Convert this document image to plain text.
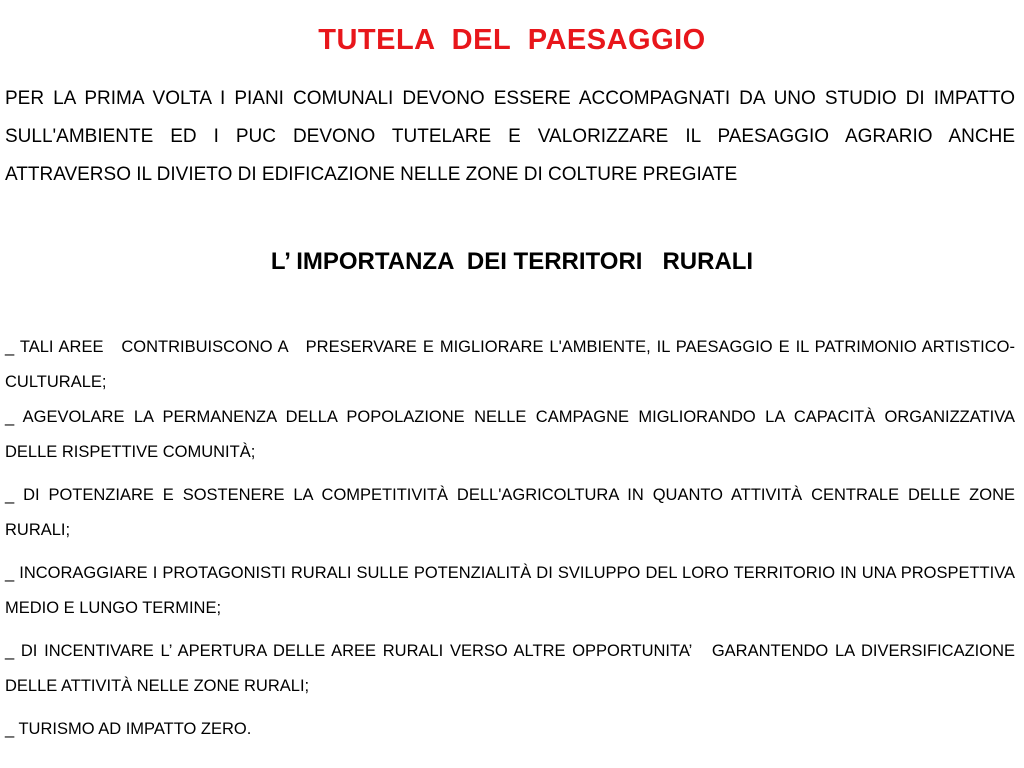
TUTELA  DEL  PAESAGGIO

PER LA PRIMA VOLTA I PIANI COMUNALI DEVONO ESSERE ACCOMPAGNATI DA UNO STUDIO DI IMPATTO SULL'AMBIENTE ED I PUC DEVONO TUTELARE E VALORIZZARE IL PAESAGGIO AGRARIO ANCHE ATTRAVERSO IL DIVIETO DI EDIFICAZIONE NELLE ZONE DI COLTURE PREGIATE

L’ IMPORTANZA  DEI TERRITORI   RURALI
_ TALI AREE   CONTRIBUISCONO A   PRESERVARE E MIGLIORARE L'AMBIENTE, IL PAESAGGIO E IL PATRIMONIO ARTISTICO-CULTURALE;
_ AGEVOLARE LA PERMANENZA DELLA POPOLAZIONE NELLE CAMPAGNE MIGLIORANDO LA CAPACITÀ ORGANIZZATIVA DELLE RISPETTIVE COMUNITÀ;
_ DI POTENZIARE E SOSTENERE LA COMPETITIVITÀ DELL'AGRICOLTURA IN QUANTO ATTIVITÀ CENTRALE DELLE ZONE RURALI;
_ INCORAGGIARE I PROTAGONISTI RURALI SULLE POTENZIALITÀ DI SVILUPPO DEL LORO TERRITORIO IN UNA PROSPETTIVA MEDIO E LUNGO TERMINE;
_ DI INCENTIVARE L’ APERTURA DELLE AREE RURALI VERSO ALTRE OPPORTUNITA’   GARANTENDO LA DIVERSIFICAZIONE DELLE ATTIVITÀ NELLE ZONE RURALI;
_ TURISMO AD IMPATTO ZERO.
